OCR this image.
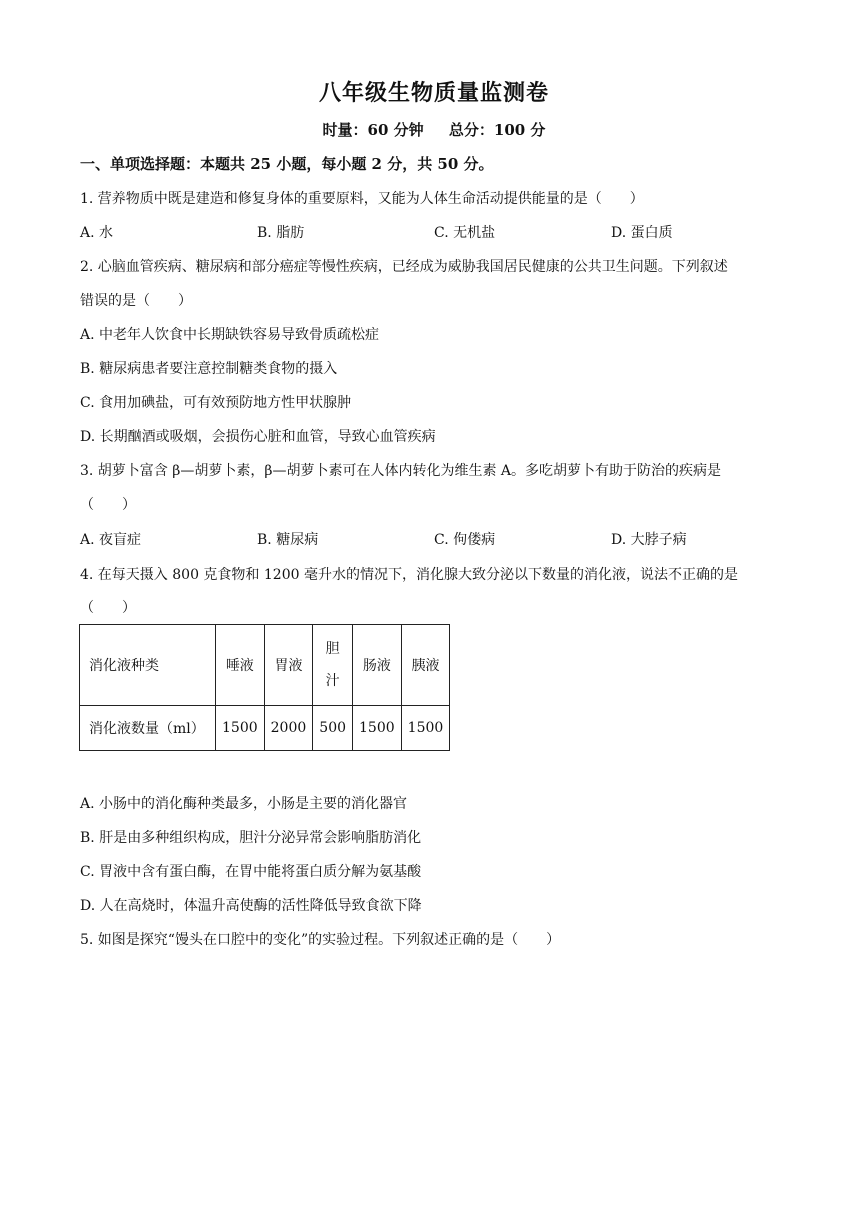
八年级生物质量监测卷
时量：60 分钟 总分：100 分
一、单项选择题：本题共 25 小题，每小题 2 分，共 50 分。
1. 营养物质中既是建造和修复身体的重要原料，又能为人体生命活动提供能量的是（　　）
A. 水	B. 脂肪	C. 无机盐	D. 蛋白质
2. 心脑血管疾病、糖尿病和部分癌症等慢性疾病，已经成为威胁我国居民健康的公共卫生问题。下列叙述
错误的是（　　）
A. 中老年人饮食中长期缺铁容易导致骨质疏松症
B. 糖尿病患者要注意控制糖类食物的摄入
C. 食用加碘盐，可有效预防地方性甲状腺肿
D. 长期酗酒或吸烟，会损伤心脏和血管，导致心血管疾病
3. 胡萝卜富含 β—胡萝卜素，β—胡萝卜素可在人体内转化为维生素 A。多吃胡萝卜有助于防治的疾病是
（　　）
A. 夜盲症	B. 糖尿病	C. 佝偻病	D. 大脖子病
4. 在每天摄入 800 克食物和 1200 毫升水的情况下，消化腺大致分泌以下数量的消化液，说法不正确的是
（　　）
消化液种类	唾液	胃液	胆汁	肠液	胰液
消化液数量（ml）	1500	2000	500	1500	1500
A. 小肠中的消化酶种类最多，小肠是主要的消化器官
B. 肝是由多种组织构成，胆汁分泌异常会影响脂肪消化
C. 胃液中含有蛋白酶，在胃中能将蛋白质分解为氨基酸
D. 人在高烧时，体温升高使酶的活性降低导致食欲下降
5. 如图是探究“馒头在口腔中的变化”的实验过程。下列叙述正确的是（　　）
